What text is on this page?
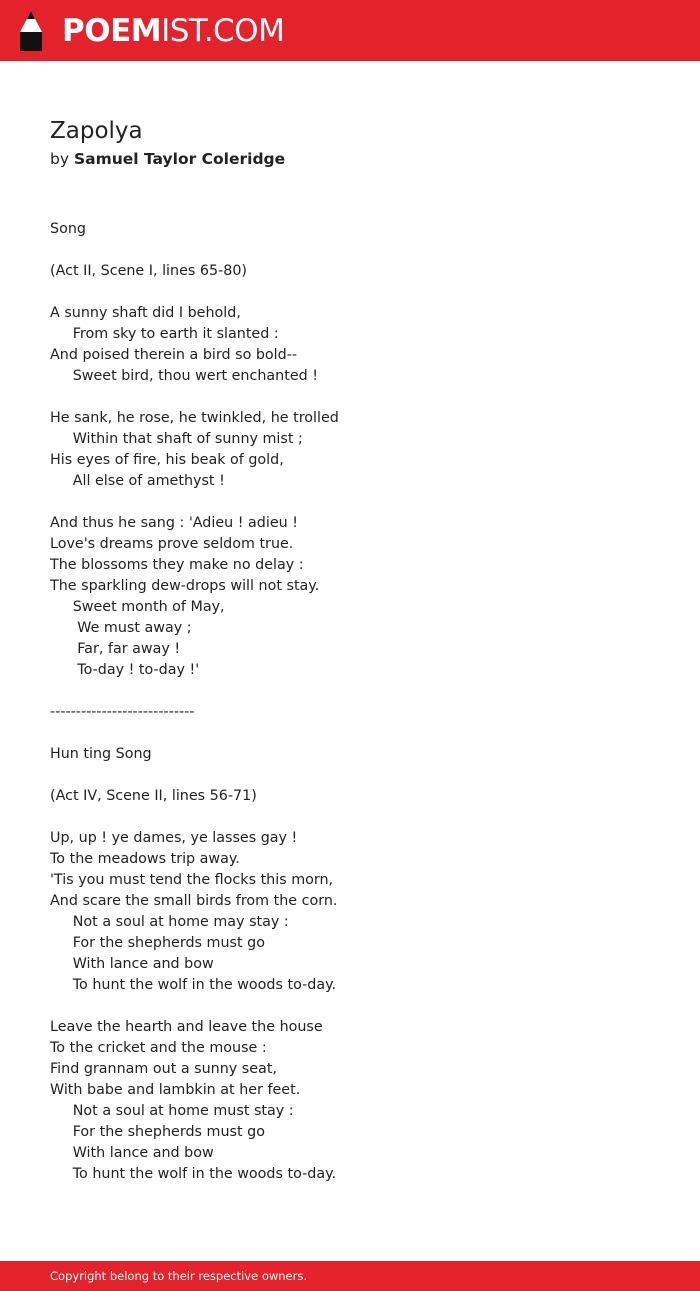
POEMIST.COM
Zapolya
by Samuel Taylor Coleridge
Song
(Act II, Scene I, lines 65-80)
A sunny shaft did I behold,
From sky to earth it slanted :
And poised therein a bird so bold--
Sweet bird, thou wert enchanted !
He sank, he rose, he twinkled, he trolled
Within that shaft of sunny mist ;
His eyes of fire, his beak of gold,
All else of amethyst !
And thus he sang : 'Adieu ! adieu !
Love's dreams prove seldom true.
The blossoms they make no delay :
The sparkling dew-drops will not stay.
Sweet month of May,
We must away ;
Far, far away !
To-day ! to-day !'
----------------------------
Hun ting Song
(Act IV, Scene II, lines 56-71)
Up, up ! ye dames, ye lasses gay !
To the meadows trip away.
'Tis you must tend the flocks this morn,
And scare the small birds from the corn.
Not a soul at home may stay :
For the shepherds must go
With lance and bow
To hunt the wolf in the woods to-day.
Leave the hearth and leave the house
To the cricket and the mouse :
Find grannam out a sunny seat,
With babe and lambkin at her feet.
Not a soul at home must stay :
For the shepherds must go
With lance and bow
To hunt the wolf in the woods to-day.
Copyright belong to their respective owners.
